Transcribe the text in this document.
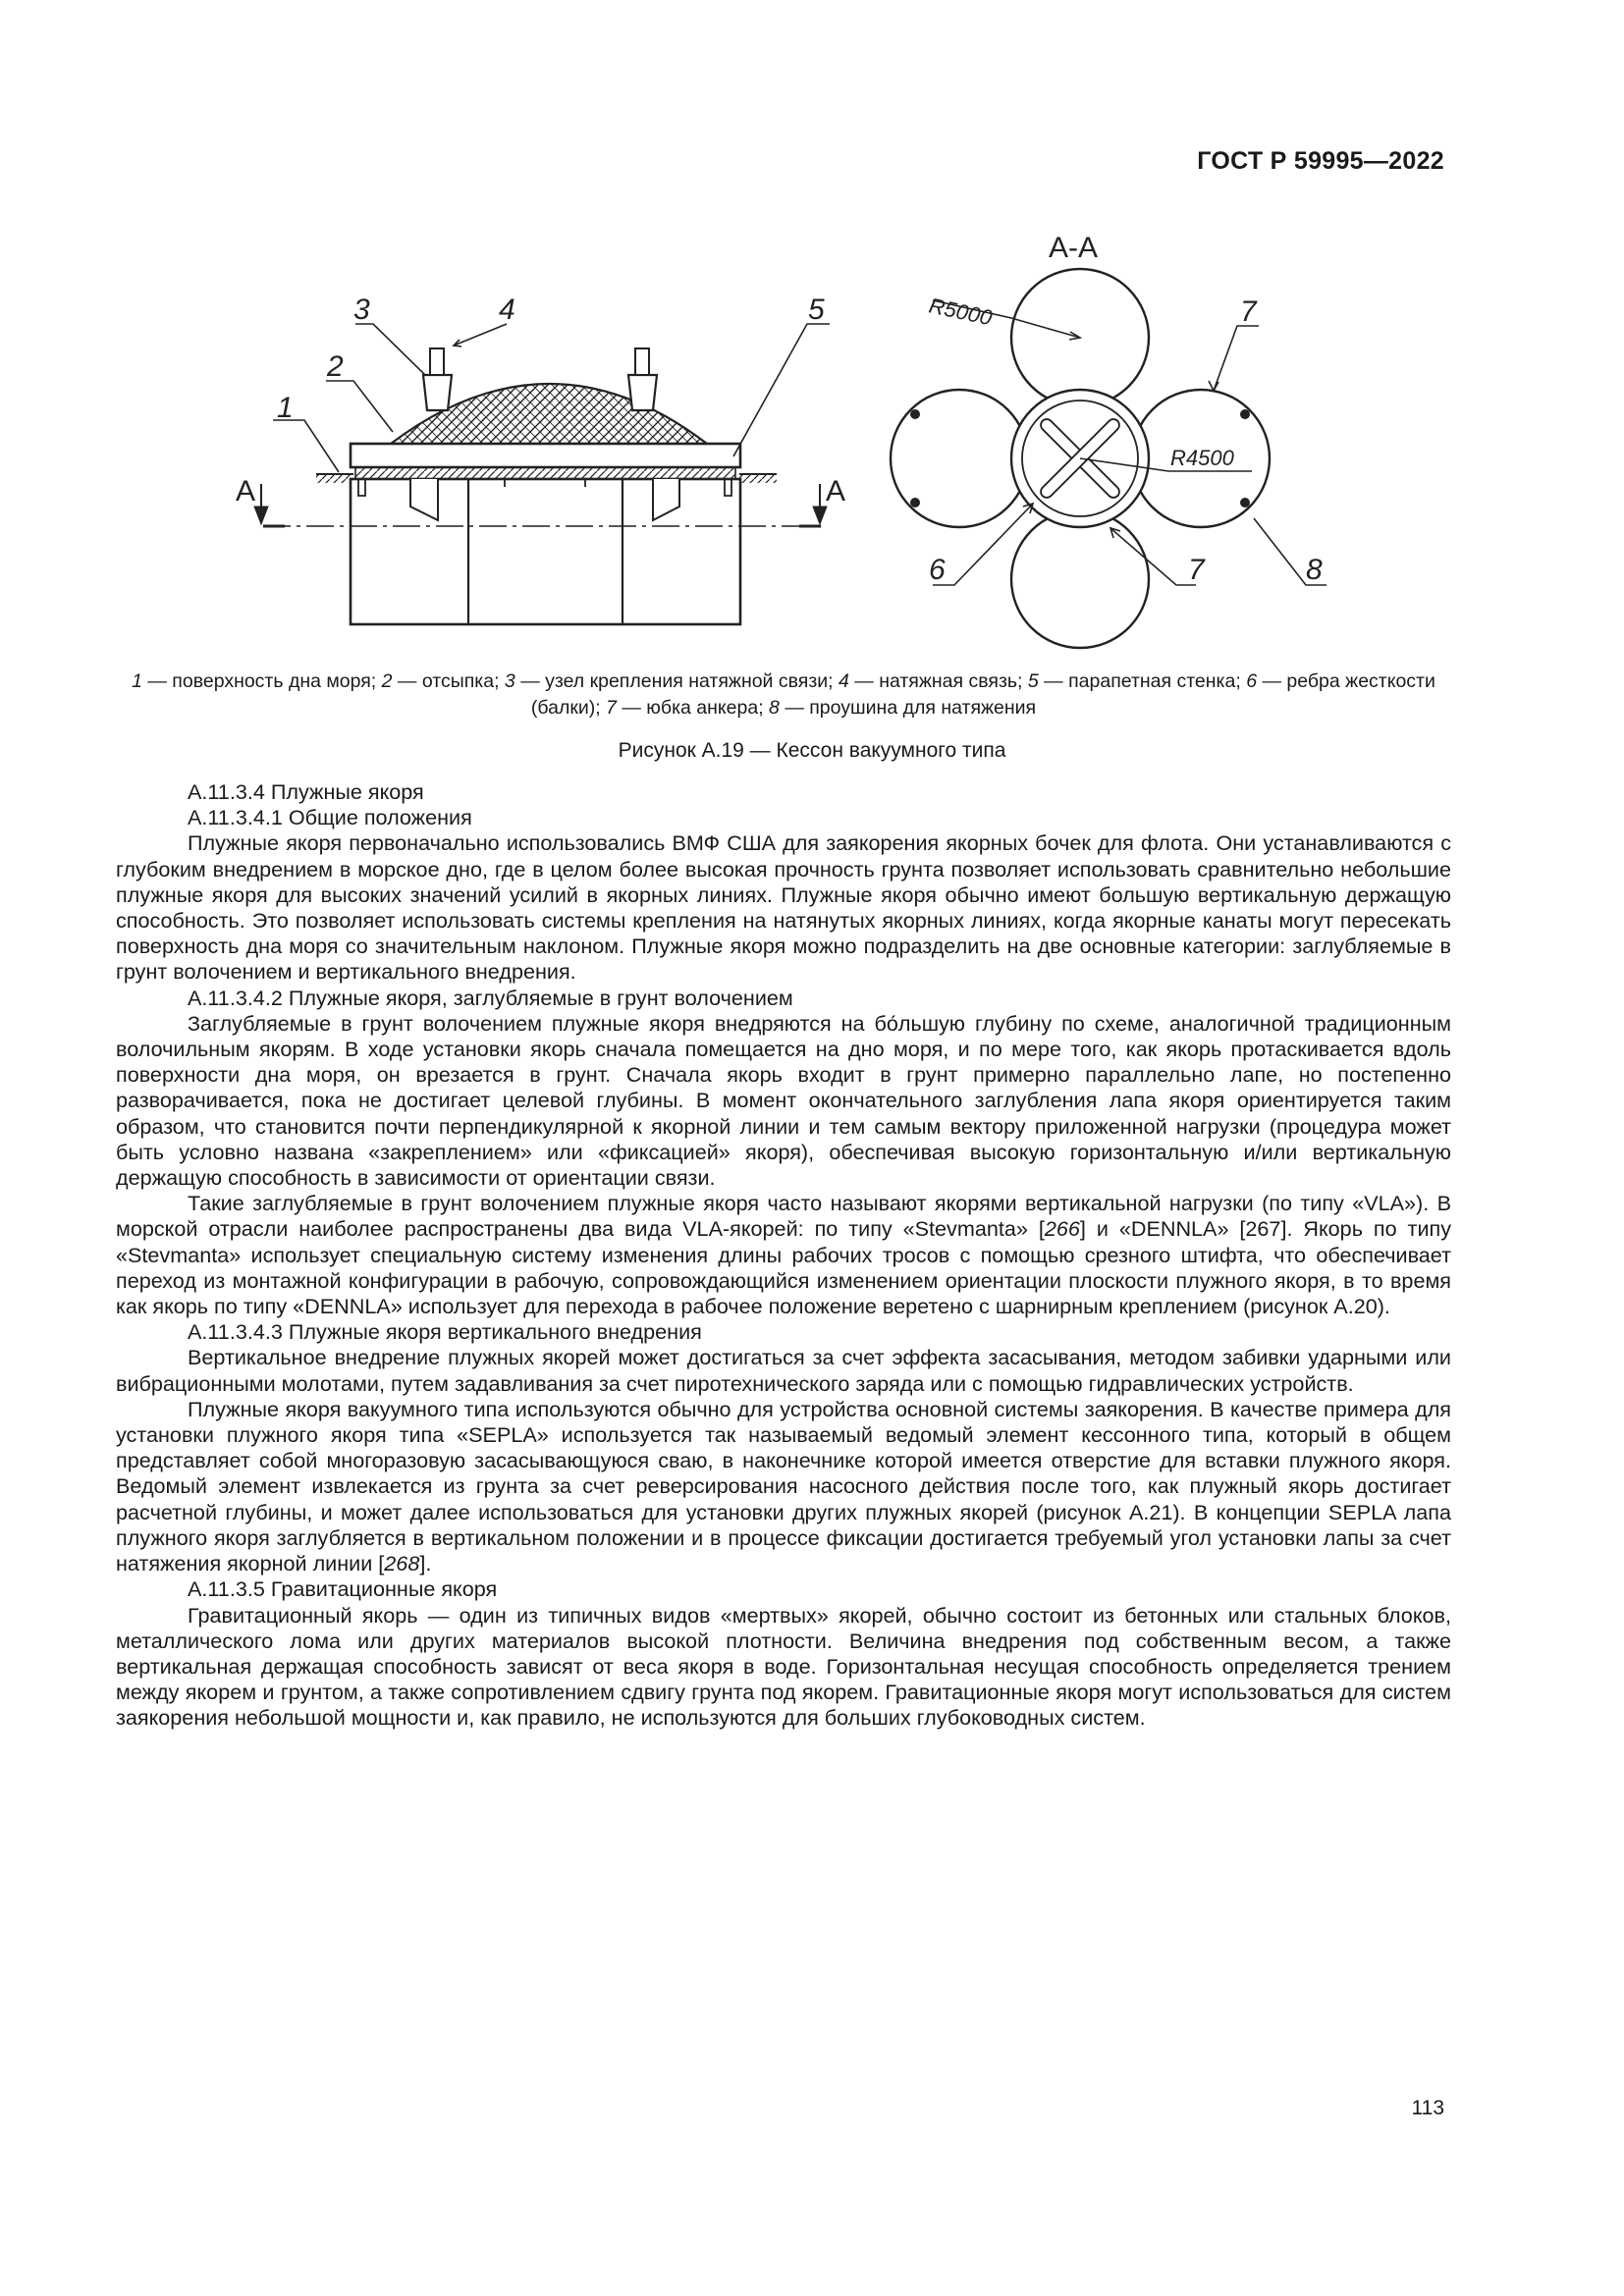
ГОСТ Р 59995—2022
1
2
3	4	5
А	А
А-А
7
6	7	8
R5000
R4500
1 — поверхность дна моря; 2 — отсыпка; 3 — узел крепления натяжной связи; 4 — натяжная связь; 5 — парапетная стенка; 6 — ребра жесткости (балки); 7 — юбка анкера; 8 — проушина для натяжения
Рисунок А.19 — Кессон вакуумного типа

А.11.3.4 Плужные якоря

А.11.3.4.1 Общие положения

Плужные якоря первоначально использовались ВМФ США для заякорения якорных бочек для флота. Они устанавливаются с глубоким внедрением в морское дно, где в целом более высокая прочность грунта позволяет использовать сравнительно небольшие плужные якоря для высоких значений усилий в якорных линиях. Плужные якоря обычно имеют большую вертикальную держащую способность. Это позволяет использовать системы крепления на натянутых якорных линиях, когда якорные канаты могут пересекать поверхность дна моря со значительным наклоном. Плужные якоря можно подразделить на две основные категории: заглубляемые в грунт волочением и вертикального внедрения.

А.11.3.4.2 Плужные якоря, заглубляемые в грунт волочением

Заглубляемые в грунт волочением плужные якоря внедряются на бо́льшую глубину по схеме, аналогичной традиционным волочильным якорям. В ходе установки якорь сначала помещается на дно моря, и по мере того, как якорь протаскивается вдоль поверхности дна моря, он врезается в грунт. Сначала якорь входит в грунт примерно параллельно лапе, но постепенно разворачивается, пока не достигает целевой глубины. В момент окончательного заглубления лапа якоря ориентируется таким образом, что становится почти перпендикулярной к якорной линии и тем самым вектору приложенной нагрузки (процедура может быть условно названа «закреплением» или «фиксацией» якоря), обеспечивая высокую горизонтальную и/или вертикальную держащую способность в зависимости от ориентации связи.

Такие заглубляемые в грунт волочением плужные якоря часто называют якорями вертикальной нагрузки (по типу «VLA»). В морской отрасли наиболее распространены два вида VLA-якорей: по типу «Stevmanta» [266] и «DENNLA» [267]. Якорь по типу «Stevmanta» использует специальную систему изменения длины рабочих тросов с помощью срезного штифта, что обеспечивает переход из монтажной конфигурации в рабочую, сопровождающийся изменением ориентации плоскости плужного якоря, в то время как якорь по типу «DENNLA» использует для перехода в рабочее положение веретено с шарнирным креплением (рисунок А.20).

А.11.3.4.3 Плужные якоря вертикального внедрения

Вертикальное внедрение плужных якорей может достигаться за счет эффекта засасывания, методом забивки ударными или вибрационными молотами, путем задавливания за счет пиротехнического заряда или с помощью гидравлических устройств.

Плужные якоря вакуумного типа используются обычно для устройства основной системы заякорения. В качестве примера для установки плужного якоря типа «SEPLA» используется так называемый ведомый элемент кессонного типа, который в общем представляет собой многоразовую засасывающуюся сваю, в наконечнике которой имеется отверстие для вставки плужного якоря. Ведомый элемент извлекается из грунта за счет реверсирования насосного действия после того, как плужный якорь достигает расчетной глубины, и может далее использоваться для установки других плужных якорей (рисунок А.21). В концепции SEPLA лапа плужного якоря заглубляется в вертикальном положении и в процессе фиксации достигается требуемый угол установки лапы за счет натяжения якорной линии [268].

А.11.3.5 Гравитационные якоря

Гравитационный якорь — один из типичных видов «мертвых» якорей, обычно состоит из бетонных или стальных блоков, металлического лома или других материалов высокой плотности. Величина внедрения под собственным весом, а также вертикальная держащая способность зависят от веса якоря в воде. Горизонтальная несущая способность определяется трением между якорем и грунтом, а также сопротивлением сдвигу грунта под якорем. Гравитационные якоря могут использоваться для систем заякорения небольшой мощности и, как правило, не используются для больших глубоководных систем.

113
